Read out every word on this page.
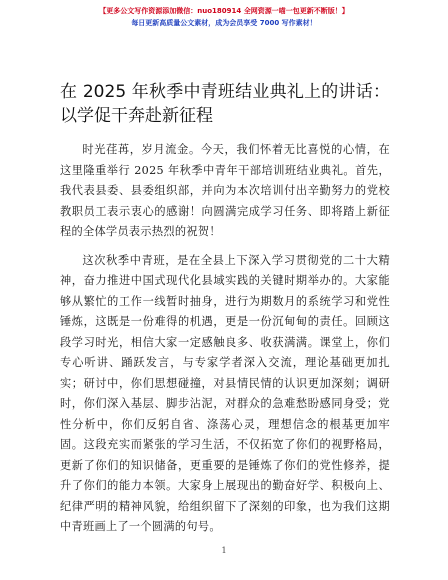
【更多公文写作资源添加微信：nuo180914 全网资源一喵一包更新不断版！】
每日更新高质量公文素材，成为会员享受 7000 写作素材！
在 2025 年秋季中青班结业典礼上的讲话：以学促干奔赴新征程

时光荏苒，岁月流金。今天，我们怀着无比喜悦的心情，在这里隆重举行 2025 年秋季中青年干部培训班结业典礼。首先，我代表县委、县委组织部，并向为本次培训付出辛勤努力的党校教职员工表示衷心的感谢！向圆满完成学习任务、即将踏上新征程的全体学员表示热烈的祝贺！

这次秋季中青班，是在全县上下深入学习贯彻党的二十大精神，奋力推进中国式现代化县域实践的关键时期举办的。大家能够从繁忙的工作一线暂时抽身，进行为期数月的系统学习和党性锤炼，这既是一份难得的机遇，更是一份沉甸甸的责任。回顾这段学习时光，相信大家一定感触良多、收获满满。课堂上，你们专心听讲、踊跃发言，与专家学者深入交流，理论基础更加扎实；研讨中，你们思想碰撞，对县情民情的认识更加深刻；调研时，你们深入基层、脚步沾泥，对群众的急难愁盼感同身受；党性分析中，你们反躬自省、涤荡心灵，理想信念的根基更加牢固。这段充实而紧张的学习生活，不仅拓宽了你们的视野格局，更新了你们的知识储备，更重要的是锤炼了你们的党性修养，提升了你们的能力本领。大家身上展现出的勤奋好学、积极向上、纪律严明的精神风貌，给组织留下了深刻的印象，也为我们这期中青班画上了一个圆满的句号。

1
